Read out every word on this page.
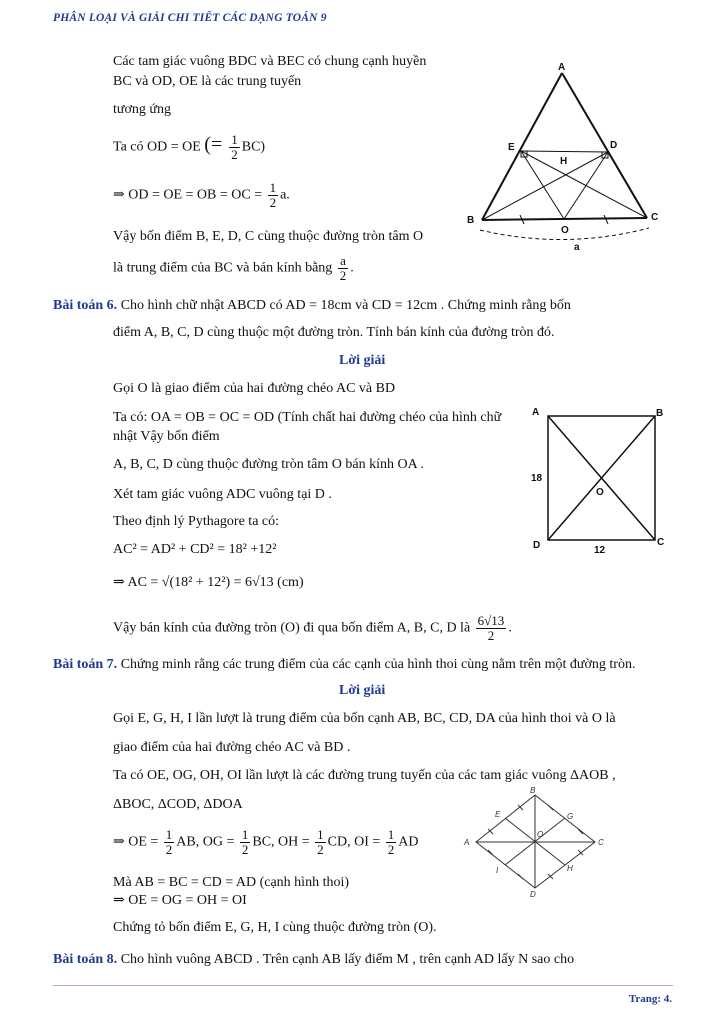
PHÂN LOẠI VÀ GIẢI CHI TIẾT CÁC DẠNG TOÁN 9
Các tam giác vuông BDC và BEC có chung cạnh huyền
BC và OD, OE là các trung tuyến
tương ứng
Ta có OD = OE (= $\frac{1}{2} BC$)
⇒ OD = OE = OB = OC = $\frac{1}{2} a$.
Vậy bốn điểm B, E, D, C cùng thuộc đường tròn tâm O
là trung điểm của BC và bán kính bằng $\frac{a}{2}$ .
A
B	C
D
E
H
O
a
Bài toán 6. Cho hình chữ nhật ABCD có AD = 18cm và CD = 12cm . Chứng minh rằng bốn
điểm A, B, C, D cùng thuộc một đường tròn. Tính bán kính của đường tròn đó.
Lời giải
Gọi O là giao điểm của hai đường chéo AC và BD
Ta có: OA = OB = OC = OD (Tính chất hai đường chéo của hình chữ
nhật Vậy bốn điểm
A, B, C, D cùng thuộc đường tròn tâm O bán kính OA .
Xét tam giác vuông ADC vuông tại D .
Theo định lý Pythagore ta có:
AC² = AD² + CD² = 18² +12²
⇒ AC = √(18² + 12²) = 6√13 (cm)
Vậy bán kính của đường tròn (O) đi qua bốn điểm A, B, C, D là $\frac{6√13}{2}$ .
A	B
C
D
O
18
12
Bài toán 7. Chứng minh rằng các trung điểm của các cạnh của hình thoi cùng nằm trên một đường tròn.
Lời giải
Gọi E, G, H, I lần lượt là trung điểm của bốn cạnh AB, BC, CD, DA của hình thoi và O là
giao điểm của hai đường chéo AC và BD .
Ta có OE, OG, OH, OI lần lượt là các đường trung tuyến của các tam giác vuông ΔAOB ,
ΔBOC, ΔCOD, ΔDOA
⇒ OE = $\frac{1}{2}$ AB, OG = $\frac{1}{2}$ BC, OH = $\frac{1}{2}$ CD, OI = $\frac{1}{2}$ AD
Mà AB = BC = CD = AD (cạnh hình thoi)
⇒ OE = OG = OH = OI
Chứng tỏ bốn điểm E, G, H, I cùng thuộc đường tròn (O).
A
B
C
D
E	G
H
I
O
Bài toán 8. Cho hình vuông ABCD . Trên cạnh AB lấy điểm M , trên cạnh AD lấy N sao cho
Trang: 4.
